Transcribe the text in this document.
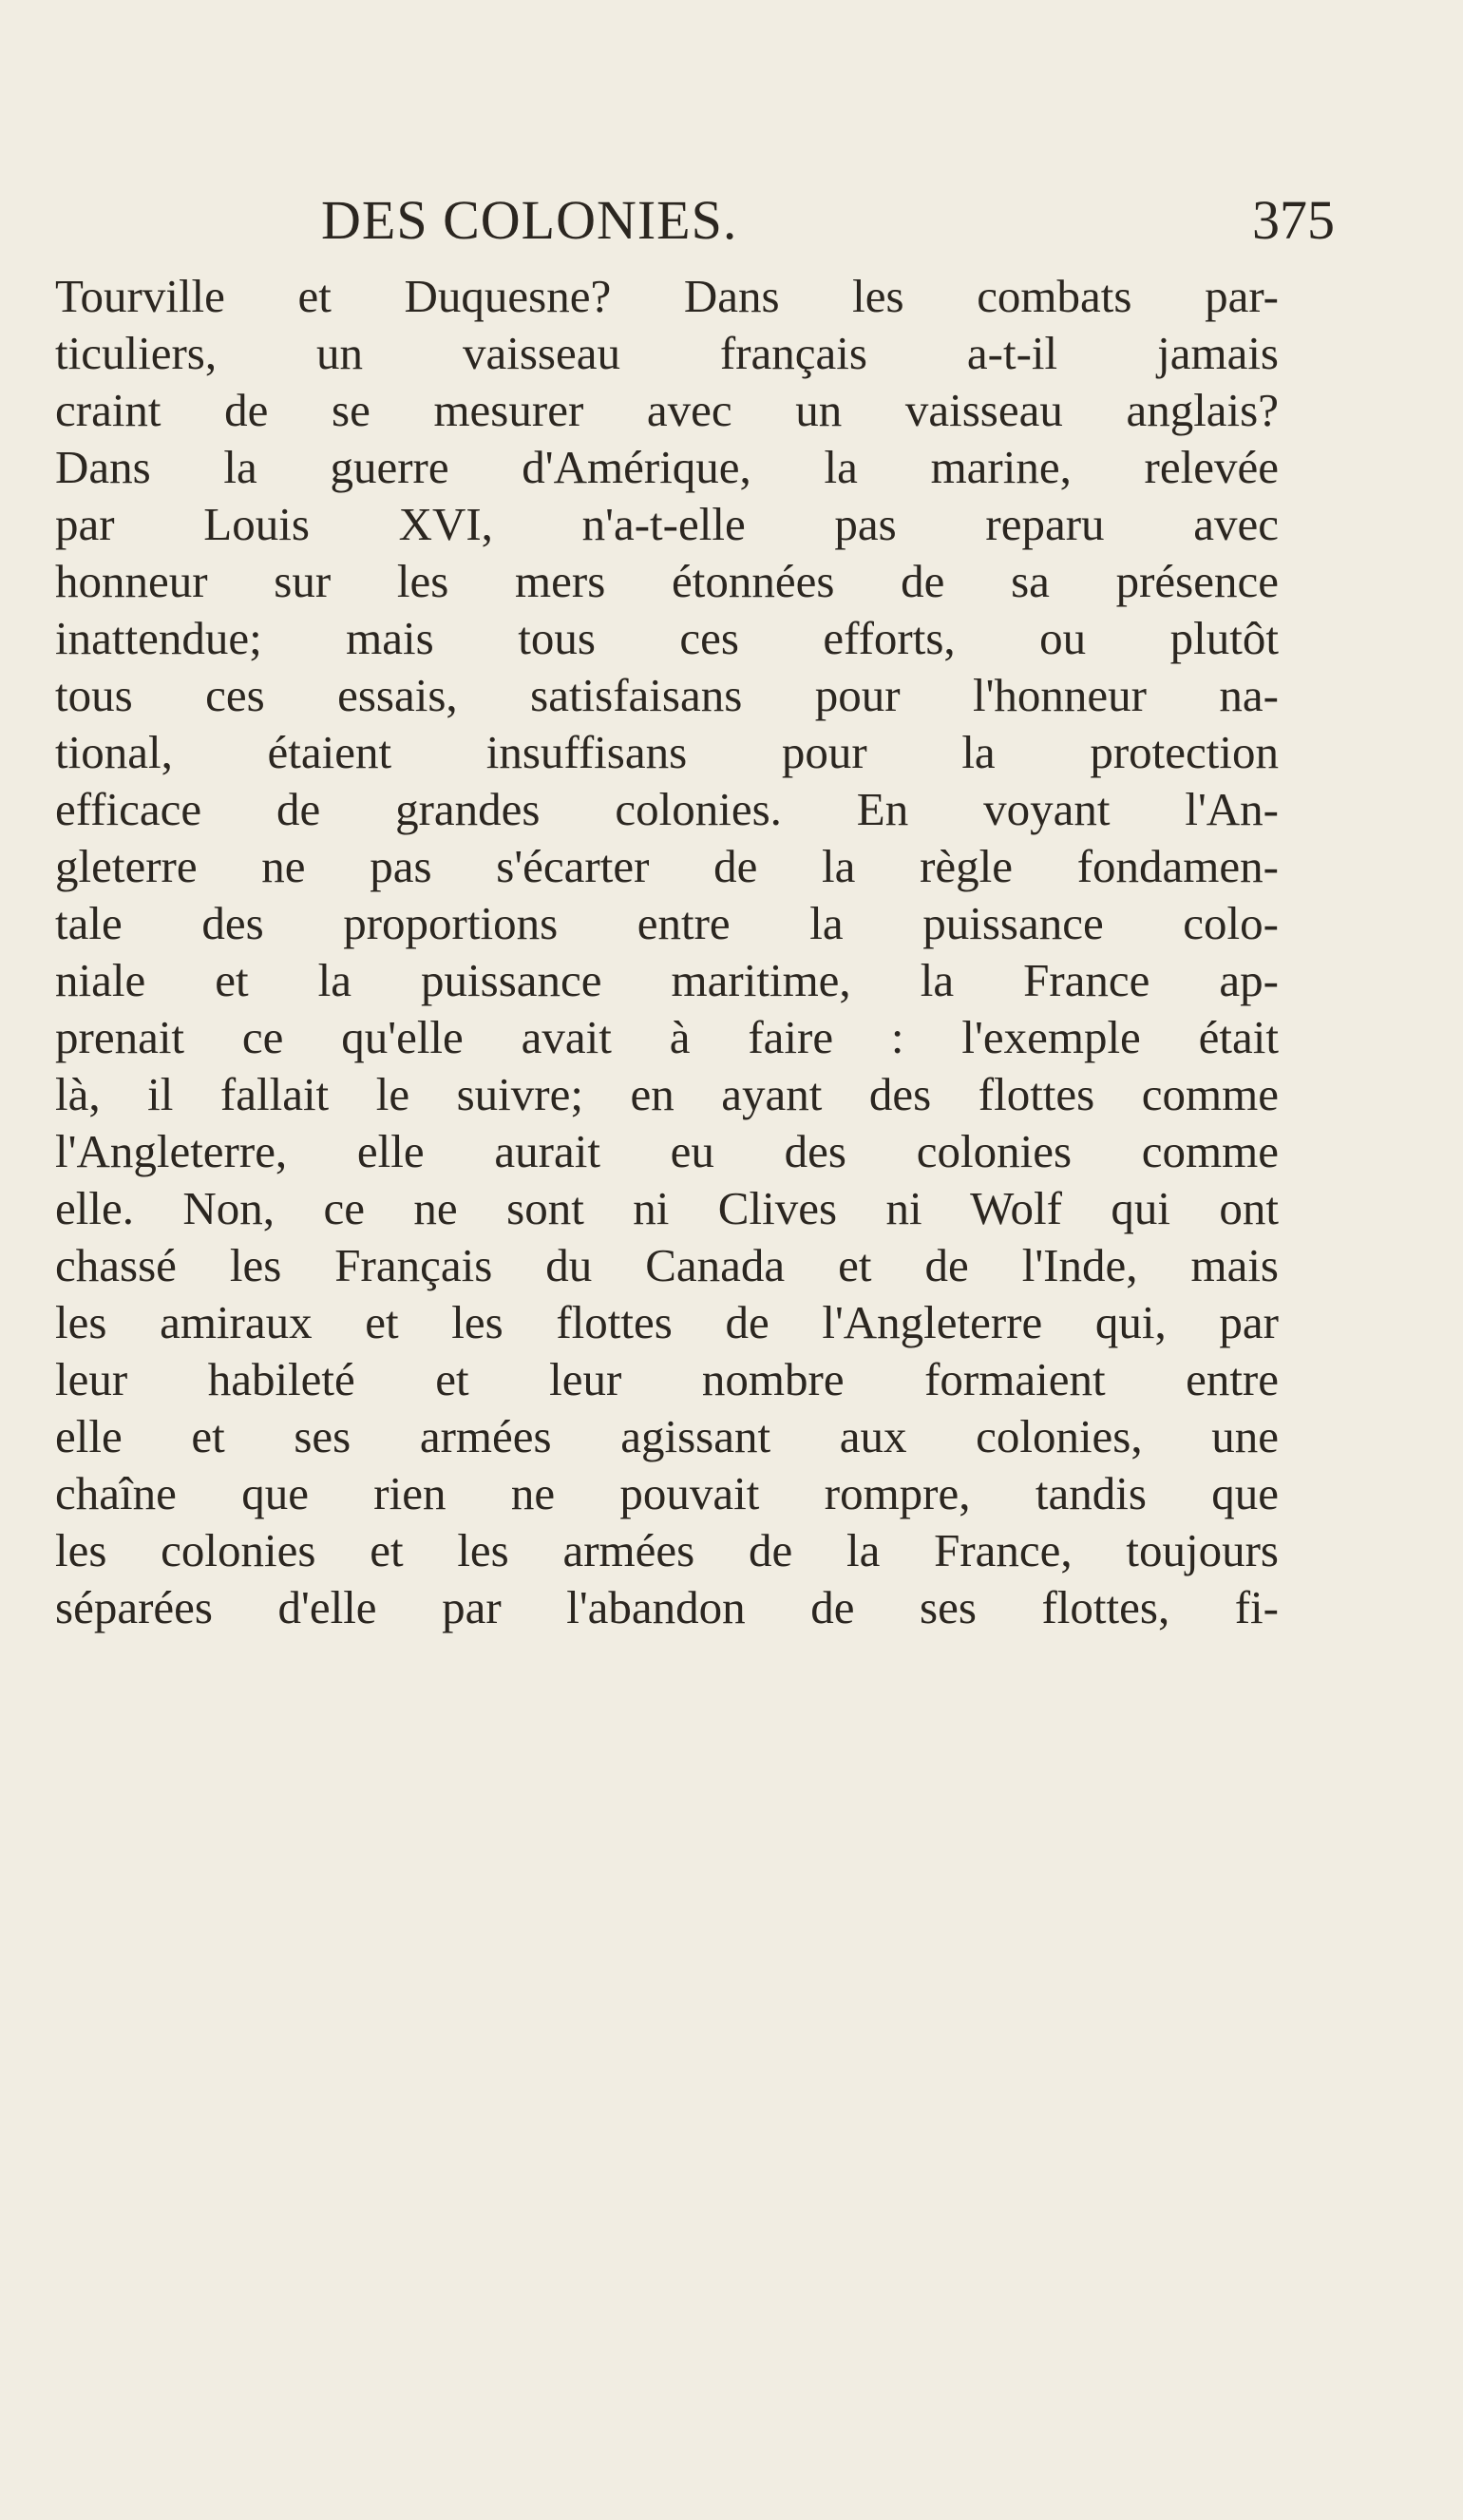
DES COLONIES.	375
Tourville et Duquesne? Dans les combats par-
ticuliers, un vaisseau français a-t-il jamais
craint de se mesurer avec un vaisseau anglais?
Dans la guerre d'Amérique, la marine, relevée
par Louis XVI, n'a-t-elle pas reparu avec
honneur sur les mers étonnées de sa présence
inattendue; mais tous ces efforts, ou plutôt
tous ces essais, satisfaisans pour l'honneur na-
tional, étaient insuffisans pour la protection
efficace de grandes colonies. En voyant l'An-
gleterre ne pas s'écarter de la règle fondamen-
tale des proportions entre la puissance colo-
niale et la puissance maritime, la France ap-
prenait ce qu'elle avait à faire : l'exemple était
là, il fallait le suivre; en ayant des flottes comme
l'Angleterre, elle aurait eu des colonies comme
elle. Non, ce ne sont ni Clives ni Wolf qui ont
chassé les Français du Canada et de l'Inde, mais
les amiraux et les flottes de l'Angleterre qui, par
leur habileté et leur nombre formaient entre
elle et ses armées agissant aux colonies, une
chaîne que rien ne pouvait rompre, tandis que
les colonies et les armées de la France, toujours
séparées d'elle par l'abandon de ses flottes, fi-
